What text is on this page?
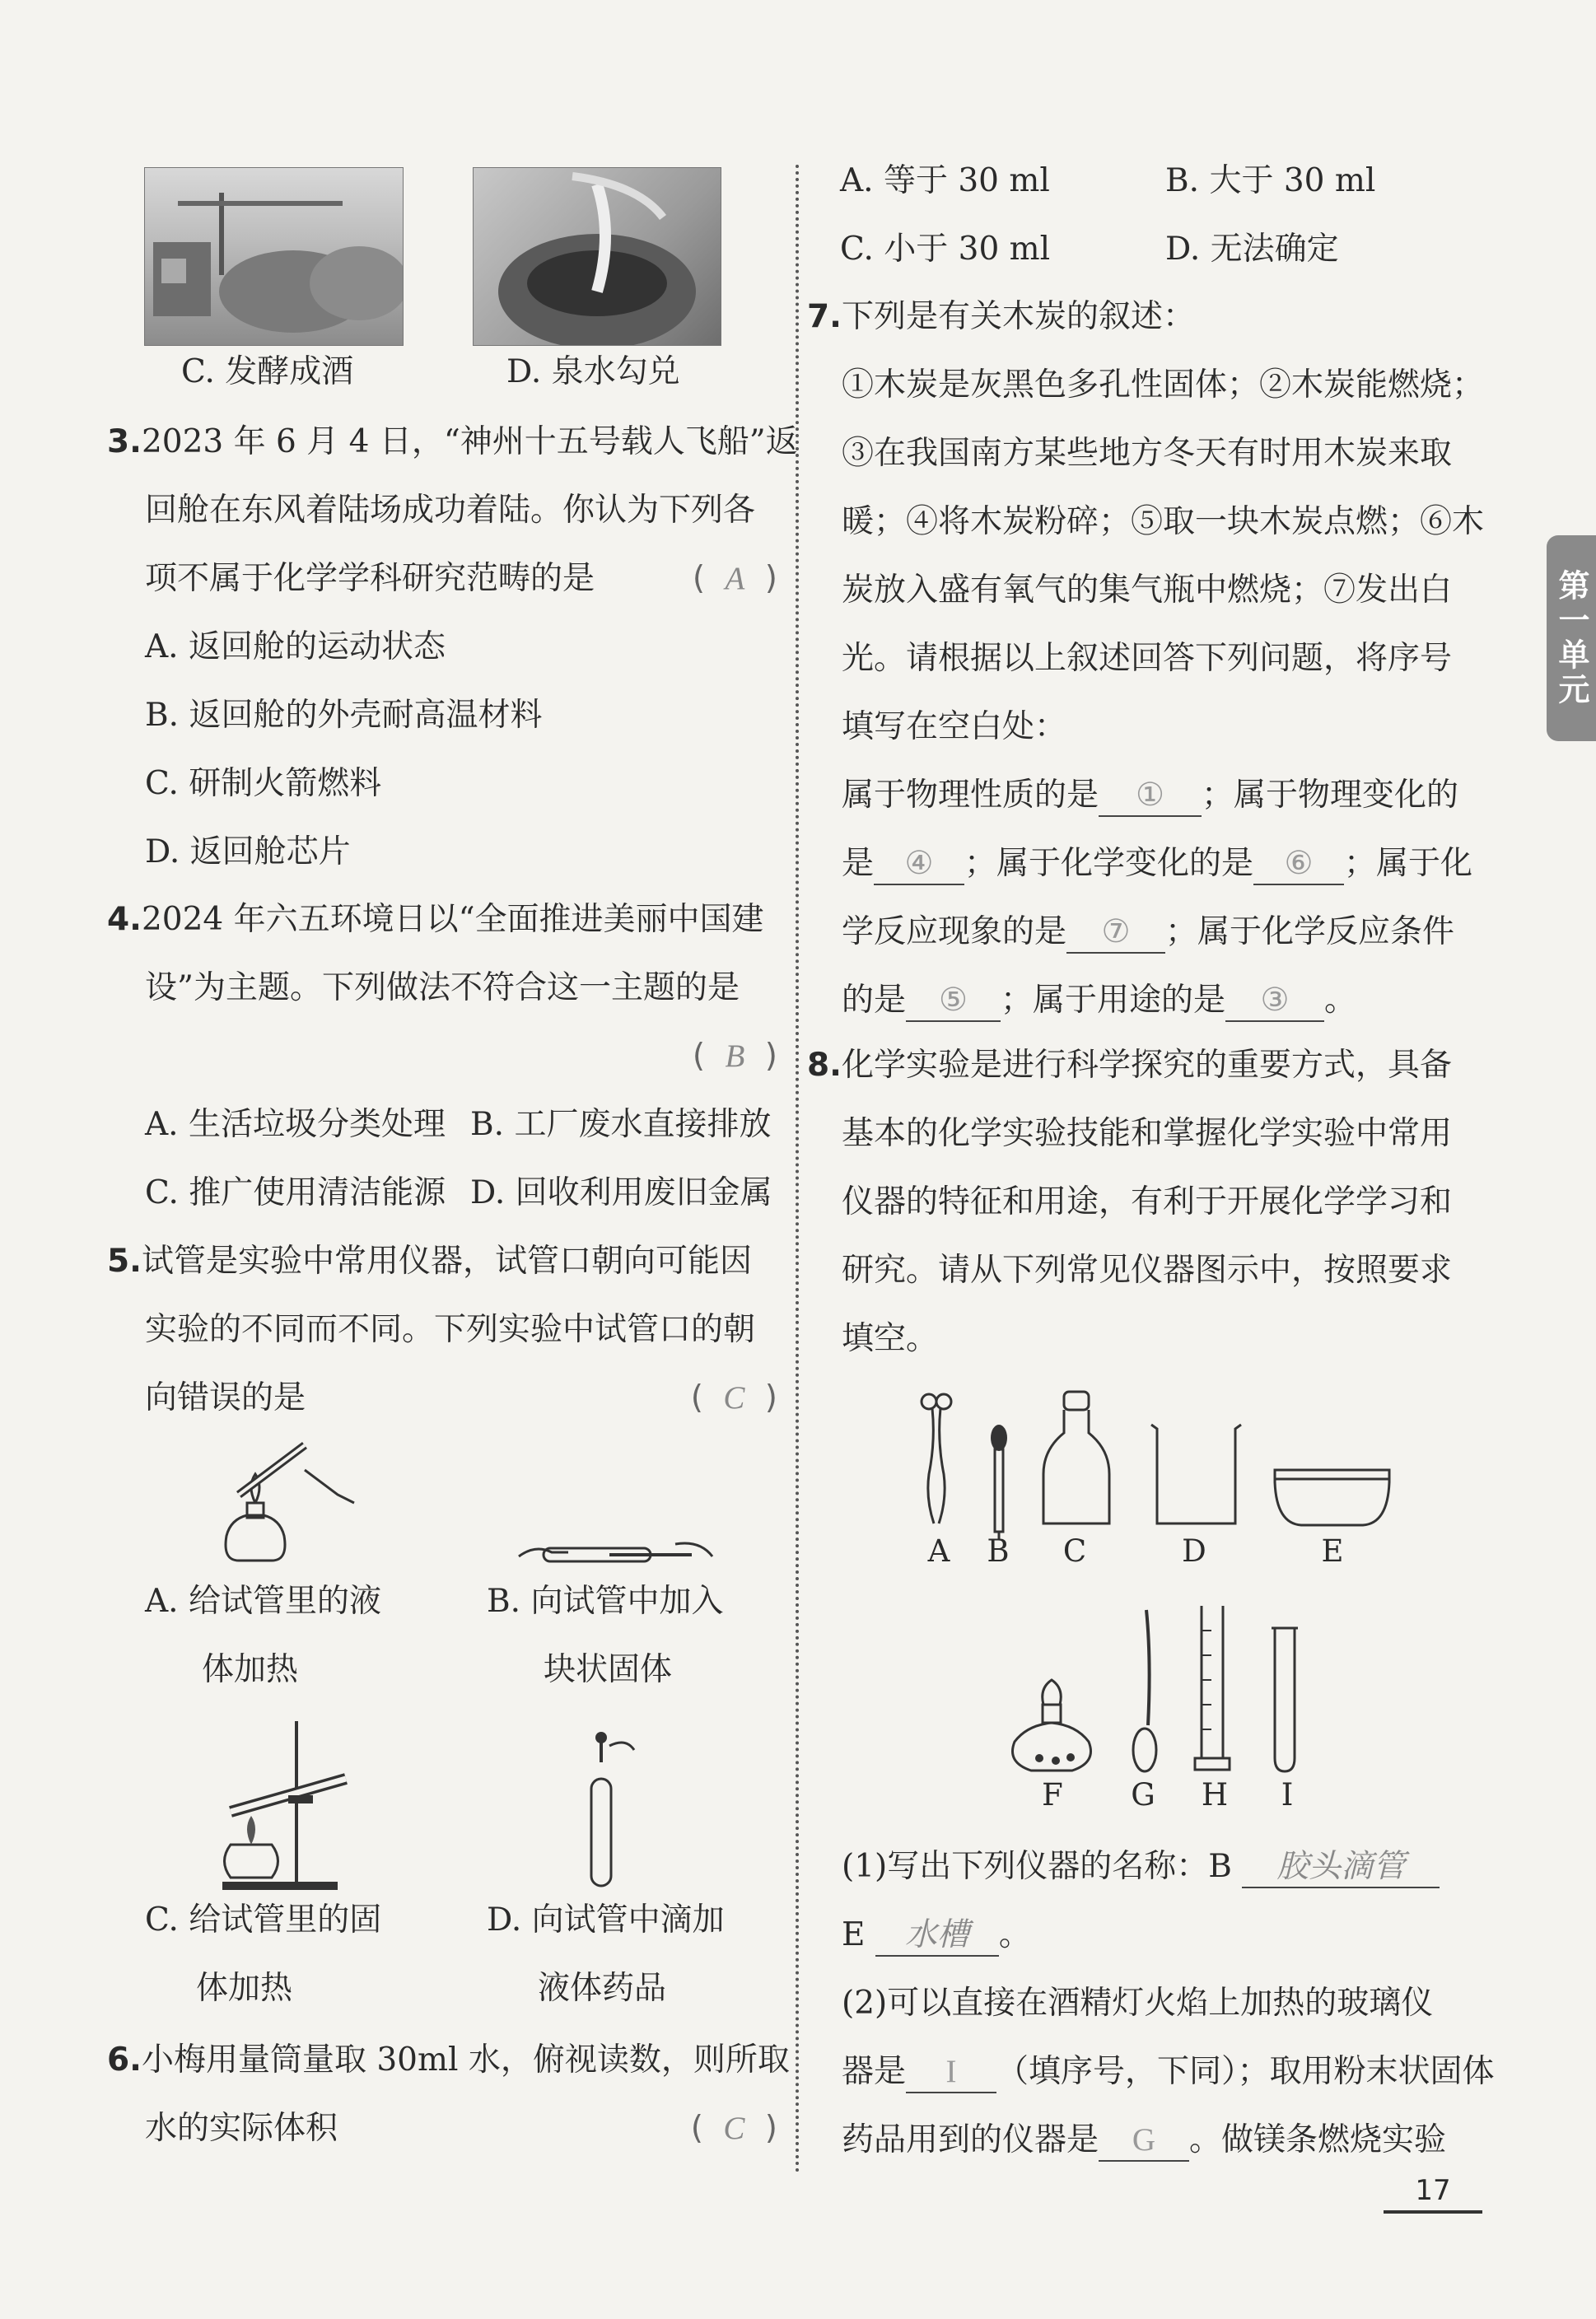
C. 发酵成酒	D. 泉水勾兑
3.2023 年 6 月 4 日，“神州十五号载人飞船”返
回舱在东风着陆场成功着陆。你认为下列各
项不属于化学学科研究范畴的是	( A )
A. 返回舱的运动状态
B. 返回舱的外壳耐高温材料
C. 研制火箭燃料
D. 返回舱芯片
4.2024 年六五环境日以“全面推进美丽中国建
设”为主题。下列做法不符合这一主题的是
( B )

A. 生活垃圾分类处理 B. 工厂废水直接排放
C. 推广使用清洁能源 D. 回收利用废旧金属
5.试管是实验中常用仪器，试管口朝向可能因
实验的不同而不同。下列实验中试管口的朝
向错误的是	( C )
A. 给试管里的液	B. 向试管中加入
体加热	块状固体
C. 给试管里的固	D. 向试管中滴加
体加热	液体药品
6.小梅用量筒量取 30ml 水，俯视读数，则所取
水的实际体积	( C )
A. 等于 30 ml	B. 大于 30 ml
C. 小于 30 ml	D. 无法确定
7.下列是有关木炭的叙述：
①木炭是灰黑色多孔性固体；②木炭能燃烧；
③在我国南方某些地方冬天有时用木炭来取
暖；④将木炭粉碎；⑤取一块木炭点燃；⑥木
炭放入盛有氧气的集气瓶中燃烧；⑦发出白
光。请根据以上叙述回答下列问题，将序号
填写在空白处：
属于物理性质的是 ① ；属于物理变化的
是 ④ ；属于化学变化的是 ⑥ ；属于化
学反应现象的是 ⑦ ；属于化学反应条件
的是 ⑤ ；属于用途的是 ③ 。
8.化学实验是进行科学探究的重要方式，具备
基本的化学实验技能和掌握化学实验中常用
仪器的特征和用途，有利于开展化学学习和
研究。请从下列常见仪器图示中，按照要求
填空。
A	B	C	D	E
F	G	H	I
(1)写出下列仪器的名称：B 胶头滴管
E 水槽 。
(2)可以直接在酒精灯火焰上加热的玻璃仪
器是 I （填序号，下同）；取用粉末状固体
药品用到的仪器是 G 。做镁条燃烧实验
第一单元
17
